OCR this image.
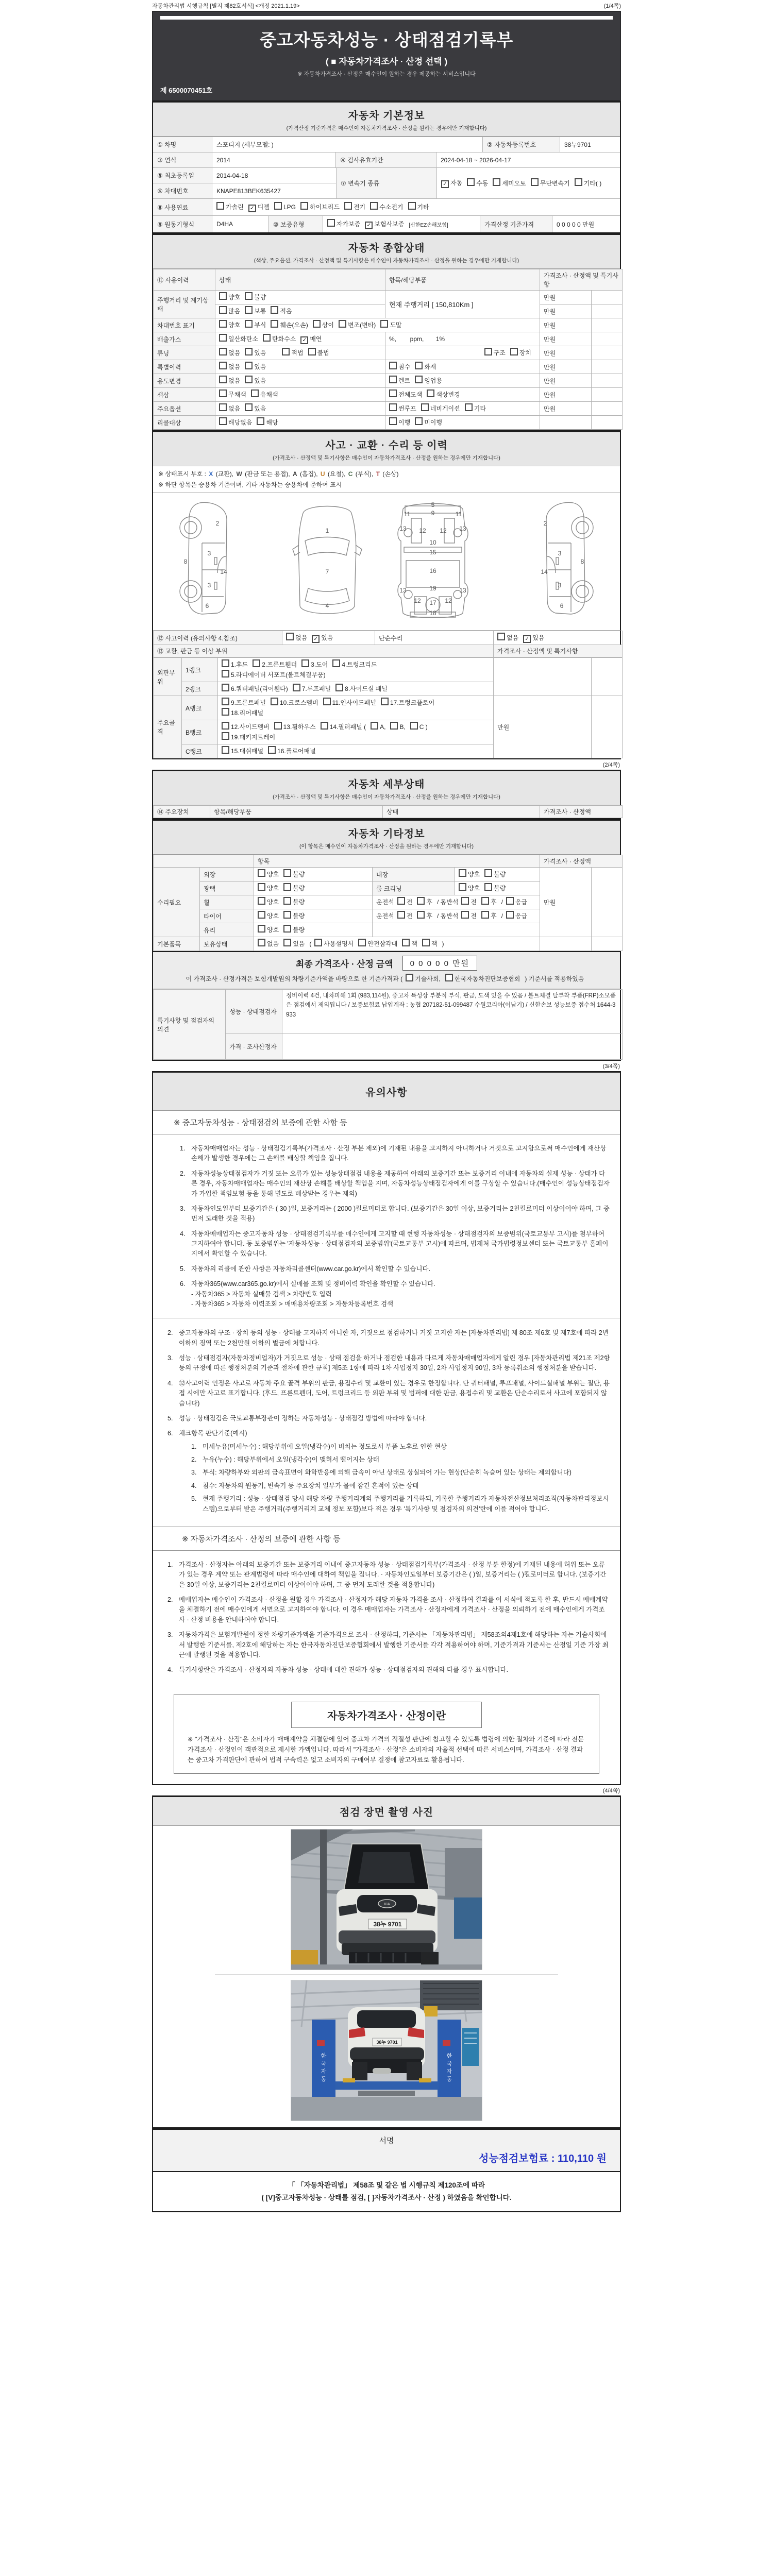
자동차관리법 시행규칙 [별지 제82호서식] <개정 2021.1.19>	(1/4쪽)
중고자동차성능 · 상태점검기록부
( ■ 자동차가격조사 · 산정 선택 )
※ 자동차가격조사 · 산정은 매수인이 원하는 경우 제공하는 서비스입니다
제 6500070451호
자동차 기본정보
(가격산정 기준가격은 매수인이 자동차가격조사 · 산정을 원하는 경우에만 기재합니다)
① 차명	스포티지 (세부모델: )	② 자동차등록번호	38누9701
③ 연식	2014	④ 검사유효기간	2024-04-18 ~ 2026-04-17
⑤ 최초등록일	2014-04-18
⑥ 차대번호	KNAPE813BEK635427
⑦ 변속기 종류	✓ 자동	수동	세미오토	무단변속기	기타( )
⑧ 사용연료	가솔린	✓ 디젤	LPG	하이브리드	전기	수소전기	기타
⑨ 원동기형식	D4HA	⑩ 보증유형	자가보증	✓ 보험사보증 [신한EZ손해보험]	가격산정 기준가격	0 0 0 0 0 만원
자동차 종합상태
(색상, 주요옵션, 가격조사 · 산정액 및 특기사항은 매수인이 자동차가격조사 · 산정을 원하는 경우에만 기재합니다)
⑪ 사용이력	상태	항목/해당부품	가격조사 · 산정액 및 특기사항	
주행거리 및 계기상태	양호 불량	현재 주행거리 [ 150,810Km ]	만원	
	많음 보통 적음		만원	
차대번호 표기	양호 부식 훼손(오손) 상이 변조(변타) 도말		만원	
배출가스	일산화탄소 탄화수소 ✓ 매연	%,        ppm,       1%	만원	
튜닝	없음 있음 적법 불법	구조 장치	만원	
특별이력	없음 있음	침수 화재	만원	
용도변경	없음 있음	렌트 영업용	만원	
색상	무채색 유채색	전체도색 색상변경	만원	
주요옵션	없음 있음	썬루프 네비게이션 기타	만원	
리콜대상	해당없음 해당	이행 미이행		
사고 · 교환 · 수리 등 이력
(가격조사 · 산정액 및 특기사항은 매수인이 자동차가격조사 · 산정을 원하는 경우에만 기재합니다)
※ 상태표시 부호 : X (교환), W (판금 또는 용접), A (흠집), U (요철), C (부식), T (손상)
※ 하단 항목은 승용차 기준이며, 기타 자동차는 승용차에 준하여 표시
2
8
3
14
3
6
1
7
4
5
11	9	11
13 12 12 13
10
15
16
13	19	13
12 17 12
18
2
8
3
14
3
6
⑫ 사고이력 (유의사항 4.참조)	없음 ✓ 있음	단순수리	없음 ✓ 있음
⑬ 교환, 판금 등 이상 부위			가격조사 · 산정액 및 특기사항
외판부위	1랭크	1.후드 2.프론트휀더 3.도어 4.트렁크리드
5.라디에이터 서포트(볼트체결부품)		
	2랭크	6.쿼터패널(리어휀다) 7.루프패널 8.사이드실 패널		
주요골격	A랭크	9.프론트패널 10.크로스멤버 11.인사이드패널 17.트렁크플로어
18.리어패널	만원	
	B랭크	12.사이드멤버 13.휠하우스 14.필러패널 ( A, B, C )
19.패키지트레이		
	C랭크	15.대쉬패널 16.플로어패널		
(2/4쪽)
자동차 세부상태
(가격조사 · 산정액 및 특기사항은 매수인이 자동차가격조사 · 산정을 원하는 경우에만 기재합니다)
⑭ 주요장치	항목/해당부품	상태	가격조사 · 산정액
자동차 기타정보
(이 항목은 매수인이 자동차가격조사 · 산정을 원하는 경우에만 기재합니다)
		항목			가격조사 · 산정액	
수리필요	외장	양호 불량	내장	양호 불량	만원	
	광택	양호 불량	룸 크리닝	양호 불량		
	휠	양호 불량	운전석 전 후 / 동반석 전 후 / 응급			
	타이어	양호 불량	운전석 전 후 / 동반석 전 후 / 응급			
	유리	양호 불량				
기본품목	보유상태	없음 있음 ( 사용설명서 안전삼각대 잭 잭 )				
최종 가격조사 · 산정 금액	0 0 0 0 0 만원
이 가격조사 · 산정가격은 보험개발원의 차량기준가액을 바탕으로 한 기준가격과 ( 기술사회, 한국자동차진단보증협회 ) 기준서를 적용하였음
특기사항 및 점검자의 의견	성능 · 상태점검자	정비이력 4건, 내차피해 1회 (983,114원), 중고차 특성상 부분적 부식, 판금, 도색 있을 수 있음 / 볼트체결 탈부착 부품(FRP)소모품은 점검에서 제외됩니다 / 보증보험료 납입계좌 : 농협 207182-51-099487 수원코리아(이남기) / 신한손보 성능보증 접수처 1644-3933
	가격 · 조사산정자	
(3/4쪽)
유의사항
※ 중고자동차성능 · 상태점검의 보증에 관한 사항 등
1. 자동차매매업자는 성능 · 상태점검기록부(가격조사 · 산정 부분 제외)에 기재된 내용을 고지하지 아니하거나 거짓으로 고지함으로써 매수인에게 재산상 손해가 발생한 경우에는 그 손해를 배상할 책임을 집니다.
2. 자동차성능상태점검자가 거짓 또는 오류가 있는 성능상태점검 내용을 제공하여 아래의 보증기간 또는 보증거리 이내에 자동차의 실제 성능 · 상태가 다른 경우, 자동차매매업자는 매수인의 재산상 손해를 배상할 책임을 지며, 자동차성능상태점검자에게 이를 구상할 수 있습니다.(매수인이 성능상태점검자가 가입한 책임보험 등을 통해 별도로 배상받는 경우는 제외)
3. 자동차인도일부터 보증기간은 ( 30 )일, 보증거리는 ( 2000 )킬로미터로 합니다. (보증기간은 30일 이상, 보증거리는 2천킬로미터 이상이어야 하며, 그 중 먼저 도래한 것을 적용)
4. 자동차매매업자는 중고자동차 성능 · 상태점검기록부를 매수인에게 고지할 때 현행 자동차성능 · 상태점검자의 보증범위(국토교통부 고시)를 첨부하여 고지하여야 합니다. 동 보증범위는 '자동차성능 · 상태점검자의 보증범위'(국토교통부 고시)에 따르며, 법제처 국가법령정보센터 또는 국토교통부 홈페이지에서 확인할 수 있습니다.
5. 자동차의 리콜에 관한 사항은 자동차리콜센터(www.car.go.kr)에서 확인할 수 있습니다.
6. 자동차365(www.car365.go.kr)에서 실매물 조회 및 정비이력 확인을 확인할 수 있습니다.
- 자동차365 > 자동차 실매물 검색 > 차량번호 입력
- 자동차365 > 자동차 이력조회 > 매매용차량조회 > 자동차등록번호 검색
2. 중고자동차의 구조 · 장치 등의 성능 · 상태를 고지하지 아니한 자, 거짓으로 점검하거나 거짓 고지한 자는 [자동차관리법] 제 80조 제6호 및 제7호에 따라 2년 이하의 징역 또는 2천만원 이하의 벌금에 처합니다.
3. 성능 · 상태점검자(자동차정비업자)가 거짓으로 성능 · 상태 점검을 하거나 점검한 내용과 다르게 자동차매매업자에게 알린 경우 [자동차관리법 제21조 제2항 등의 규정에 따른 행정처분의 기준과 절차에 관한 규칙] 제5조 1항에 따라 1차 사업정지 30일, 2차 사업정지 90일, 3차 등록취소의 행정처분을 받습니다.
4. ⑫사고이력 인정은 사고로 자동차 주요 골격 부위의 판금, 용접수리 및 교환이 있는 경우로 한정합니다. 단 쿼터패널, 루프패널, 사이드실패널 부위는 절단, 용접 시에만 사고로 표기합니다. (후드, 프론트펜더, 도어, 트렁크리드 등 외판 부위 및 범퍼에 대한 판금, 용접수리 및 교환은 단순수리로서 사고에 포함되지 않습니다)
5. 성능 · 상태점검은 국토교통부장관이 정하는 자동차성능 · 상태점검 방법에 따라야 합니다.
6. 체크항목 판단기준(예시)
1. 미세누유(미세누수) : 해당부위에 오일(냉각수)이 비치는 정도로서 부품 노후로 인한 현상
2. 누유(누수) : 해당부위에서 오일(냉각수)이 맺혀서 떨어지는 상태
3. 부식: 차량하부와 외판의 금속표면이 화학반응에 의해 금속이 아닌 상태로 상실되어 가는 현상(단순히 녹슬어 있는 상태는 제외합니다)
4. 침수: 자동차의 원동기, 변속기 등 주요장치 일부가 물에 잠긴 흔적이 있는 상태
5. 현재 주행거리 : 성능 · 상태점검 당시 해당 차량 주행거리계의 주행거리를 기록하되, 기록한 주행거리가 자동차전산정보처리조직(자동차관리정보시스템)으로부터 받은 주행거리(주행거리계 교체 정보 포함)보다 적은 경우 '특기사항 및 점검자의 의견'란에 이를 적어야 합니다.
※ 자동차가격조사 · 산정의 보증에 관한 사항 등
1. 가격조사 · 산정자는 아래의 보증기간 또는 보증거리 이내에 중고자동차 성능 · 상태점검기록부(가격조사 · 산정 부분 한정)에 기재된 내용에 허위 또는 오류가 있는 경우 계약 또는 관계법령에 따라 매수인에 대하여 책임을 집니다. · 자동차인도일부터 보증기간은 ( )일, 보증거리는 ( )킬로미터로 합니다. (보증기간은 30일 이상, 보증거리는 2천킬로미터 이상이어야 하며, 그 중 먼저 도래한 것을 적용합니다)
2. 매매업자는 매수인이 가격조사 · 산정을 원할 경우 가격조사 · 산정자가 해당 자동차 가격을 조사 · 산정하여 결과를 이 서식에 적도록 한 후, 반드시 매매계약을 체결하기 전에 매수인에게 서면으로 고지하여야 합니다. 이 경우 매매업자는 가격조사 · 산정자에게 가격조사 · 산정을 의뢰하기 전에 매수인에게 가격조사 · 산정 비용을 안내하여야 합니다.
3. 자동차가격은 보험개발원이 정한 차량기준가액을 기준가격으로 조사 · 산정하되, 기준서는 「자동차관리법」 제58조의4제1호에 해당하는 자는 기술사회에서 발행한 기준서를, 제2호에 해당하는 자는 한국자동차진단보증협회에서 발행한 기준서를 각각 적용하여야 하며, 기준가격과 기준서는 산정일 기준 가장 최근에 발행된 것을 적용합니다.
4. 특기사항란은 가격조사 · 산정자의 자동차 성능 · 상태에 대한 견해가 성능 · 상태점검자의 견해와 다를 경우 표시합니다.
자동차가격조사 · 산정이란
※ "가격조사 · 산정"은 소비자가 매매계약을 체결함에 있어 중고차 가격의 적절성 판단에 참고할 수 있도록 법령에 의한 절차와 기준에 따라 전문 가격조사 · 산정인이 객관적으로 제시한 가액입니다. 따라서 "가격조사 · 산정"은 소비자의 자율적 선택에 따른 서비스이며, 가격조사 · 산정 결과는 중고차 가격판단에 관하여 법적 구속력은 없고 소비자의 구매여부 결정에 참고자료로 활용됩니다.
(4/4쪽)
점검 장면 촬영 사진
KIA
38누 9701
한 국 자 동
한 국 자 동
38누 9701
서명
성능점검보험료 : 110,110 원
「 「자동차관리법」 제58조 및 같은 법 시행규칙 제120조에 따라
( [V]중고자동차성능 · 상태를 점검, [ ]자동차가격조사 · 산정 ) 하였음을 확인합니다.
